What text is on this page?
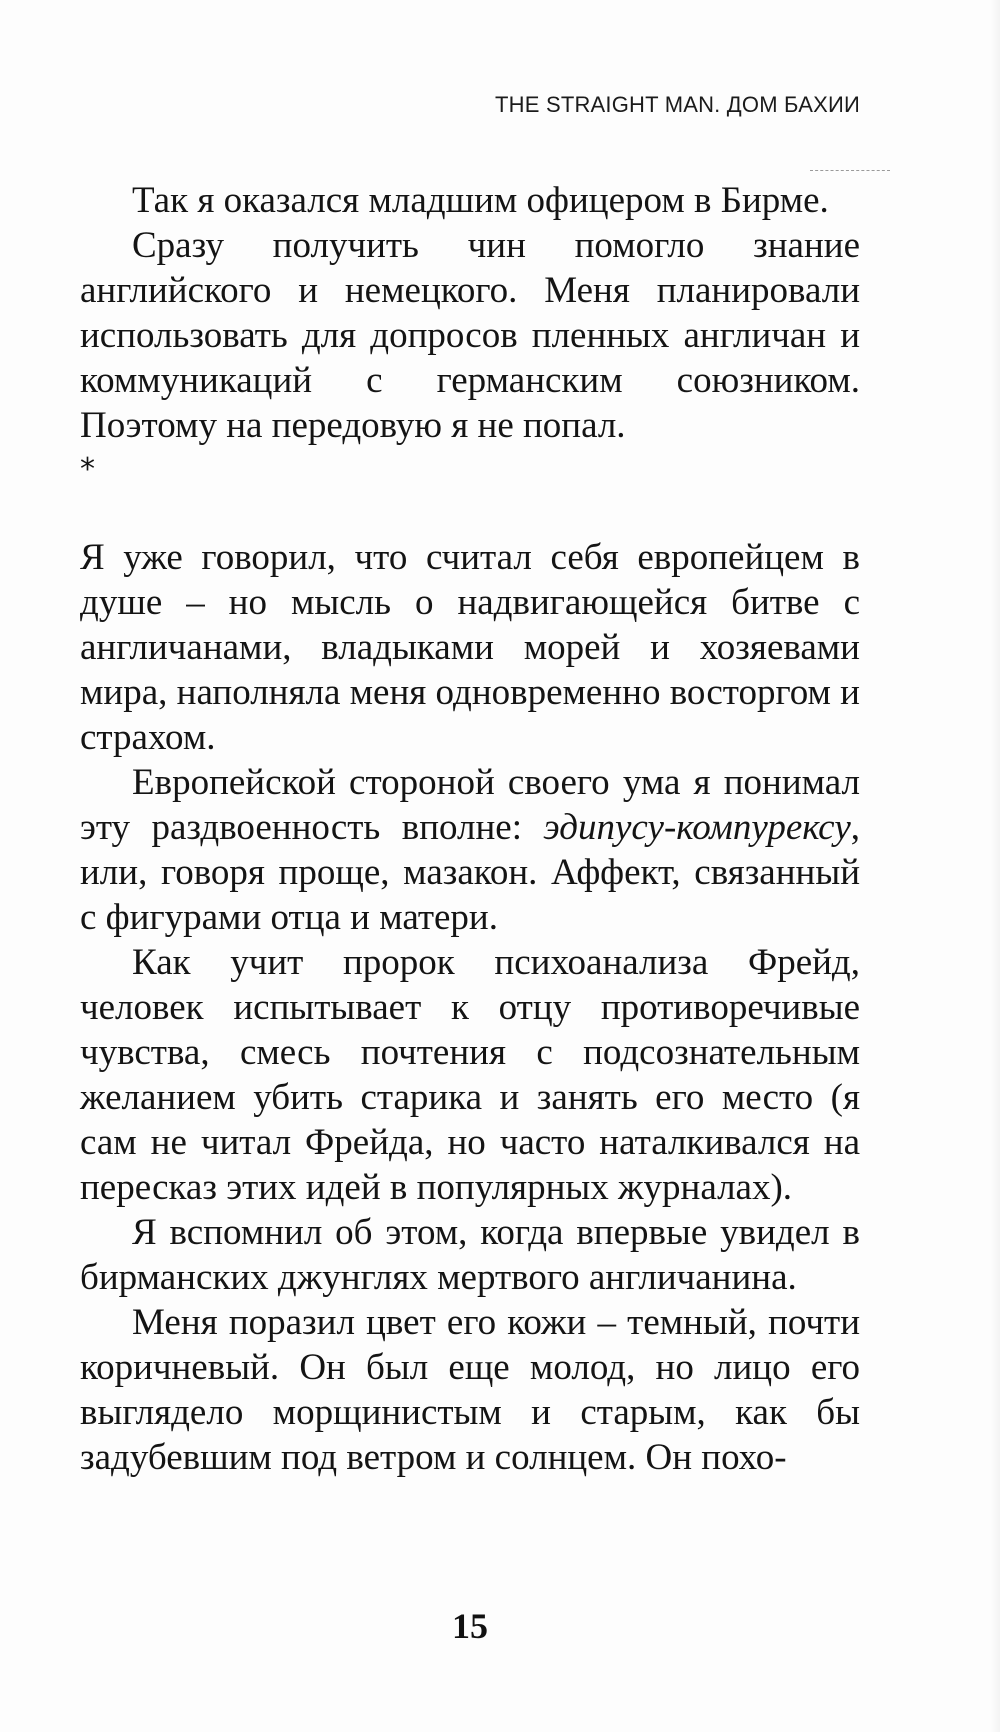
THE STRAIGHT MAN. ДОМ БАХИИ

Так я оказался младшим офицером в Бирме.

Сразу получить чин помогло знание английского и немецкого. Меня планировали использовать для допросов пленных англичан и коммуникаций с германским союзником. Поэтому на передовую я не попал.

*

Я уже говорил, что считал себя европейцем в душе – но мысль о надвигающейся битве с англичанами, владыками морей и хозяевами мира, наполняла меня одновременно восторгом и страхом.

Европейской стороной своего ума я понимал эту раздвоенность вполне: эдипусу-компурексу, или, говоря проще, мазакон. Аффект, связанный с фигурами отца и матери.

Как учит пророк психоанализа Фрейд, человек испытывает к отцу противоречивые чувства, смесь почтения с подсознательным желанием убить старика и занять его место (я сам не читал Фрейда, но часто наталкивался на пересказ этих идей в популярных журналах).

Я вспомнил об этом, когда впервые увидел в бирманских джунглях мертвого англичанина.

Меня поразил цвет его кожи – темный, почти коричневый. Он был еще молод, но лицо его выглядело морщинистым и старым, как бы задубевшим под ветром и солнцем. Он похо-

15
